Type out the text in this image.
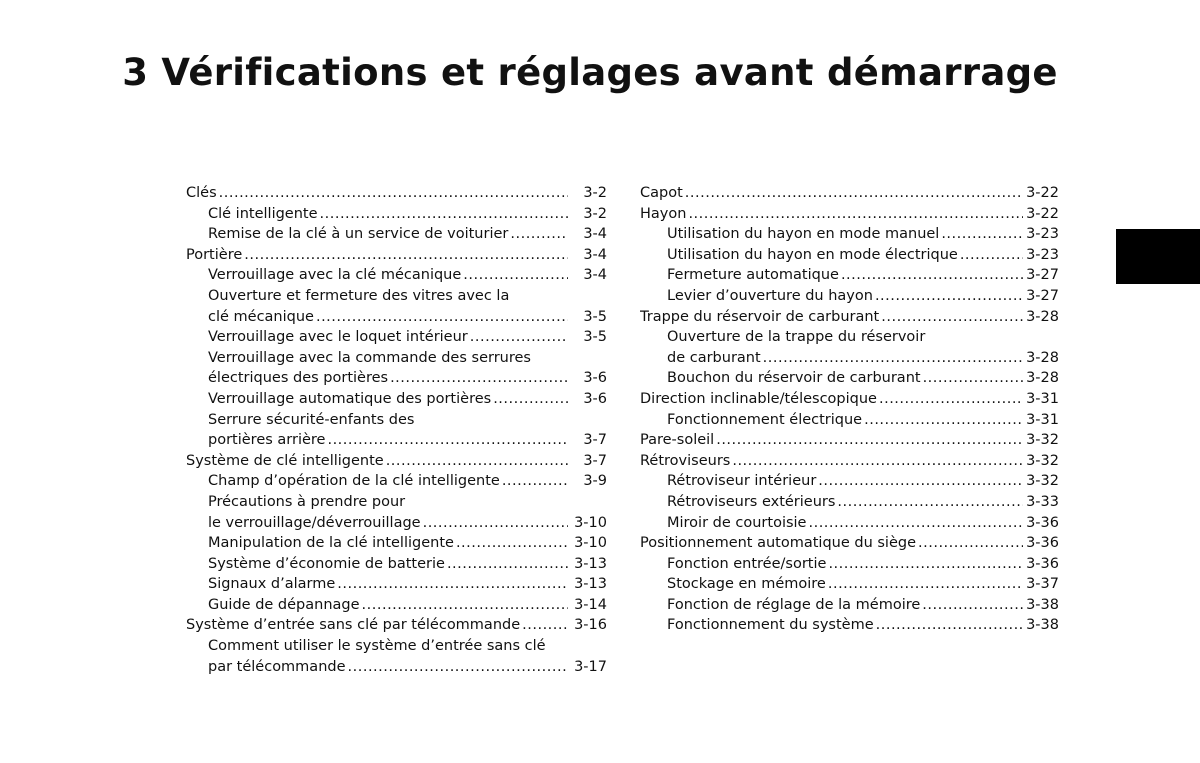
3 Vérifications et réglages avant démarrage
Clés .....	3-2
Clé intelligente .....	3-2
Remise de la clé à un service de voiturier .....	3-4
Portière .....	3-4
Verrouillage avec la clé mécanique .....	3-4
Ouverture et fermeture des vitres avec la
clé mécanique .....	3-5
Verrouillage avec le loquet intérieur .....	3-5
Verrouillage avec la commande des serrures
électriques des portières .....	3-6
Verrouillage automatique des portières .....	3-6
Serrure sécurité-enfants des
portières arrière .....	3-7
Système de clé intelligente .....	3-7
Champ d’opération de la clé intelligente .....	3-9
Précautions à prendre pour
le verrouillage/déverrouillage .....	3-10
Manipulation de la clé intelligente .....	3-10
Système d’économie de batterie .....	3-13
Signaux d’alarme .....	3-13
Guide de dépannage .....	3-14
Système d’entrée sans clé par télécommande .....	3-16
Comment utiliser le système d’entrée sans clé
par télécommande .....	3-17
Capot .....	3-22
Hayon .....	3-22
Utilisation du hayon en mode manuel .....	3-23
Utilisation du hayon en mode électrique .....	3-23
Fermeture automatique .....	3-27
Levier d’ouverture du hayon .....	3-27
Trappe du réservoir de carburant .....	3-28
Ouverture de la trappe du réservoir
de carburant .....	3-28
Bouchon du réservoir de carburant .....	3-28
Direction inclinable/télescopique .....	3-31
Fonctionnement électrique .....	3-31
Pare-soleil .....	3-32
Rétroviseurs .....	3-32
Rétroviseur intérieur .....	3-32
Rétroviseurs extérieurs .....	3-33
Miroir de courtoisie .....	3-36
Positionnement automatique du siège .....	3-36
Fonction entrée/sortie .....	3-36
Stockage en mémoire .....	3-37
Fonction de réglage de la mémoire .....	3-38
Fonctionnement du système .....	3-38
